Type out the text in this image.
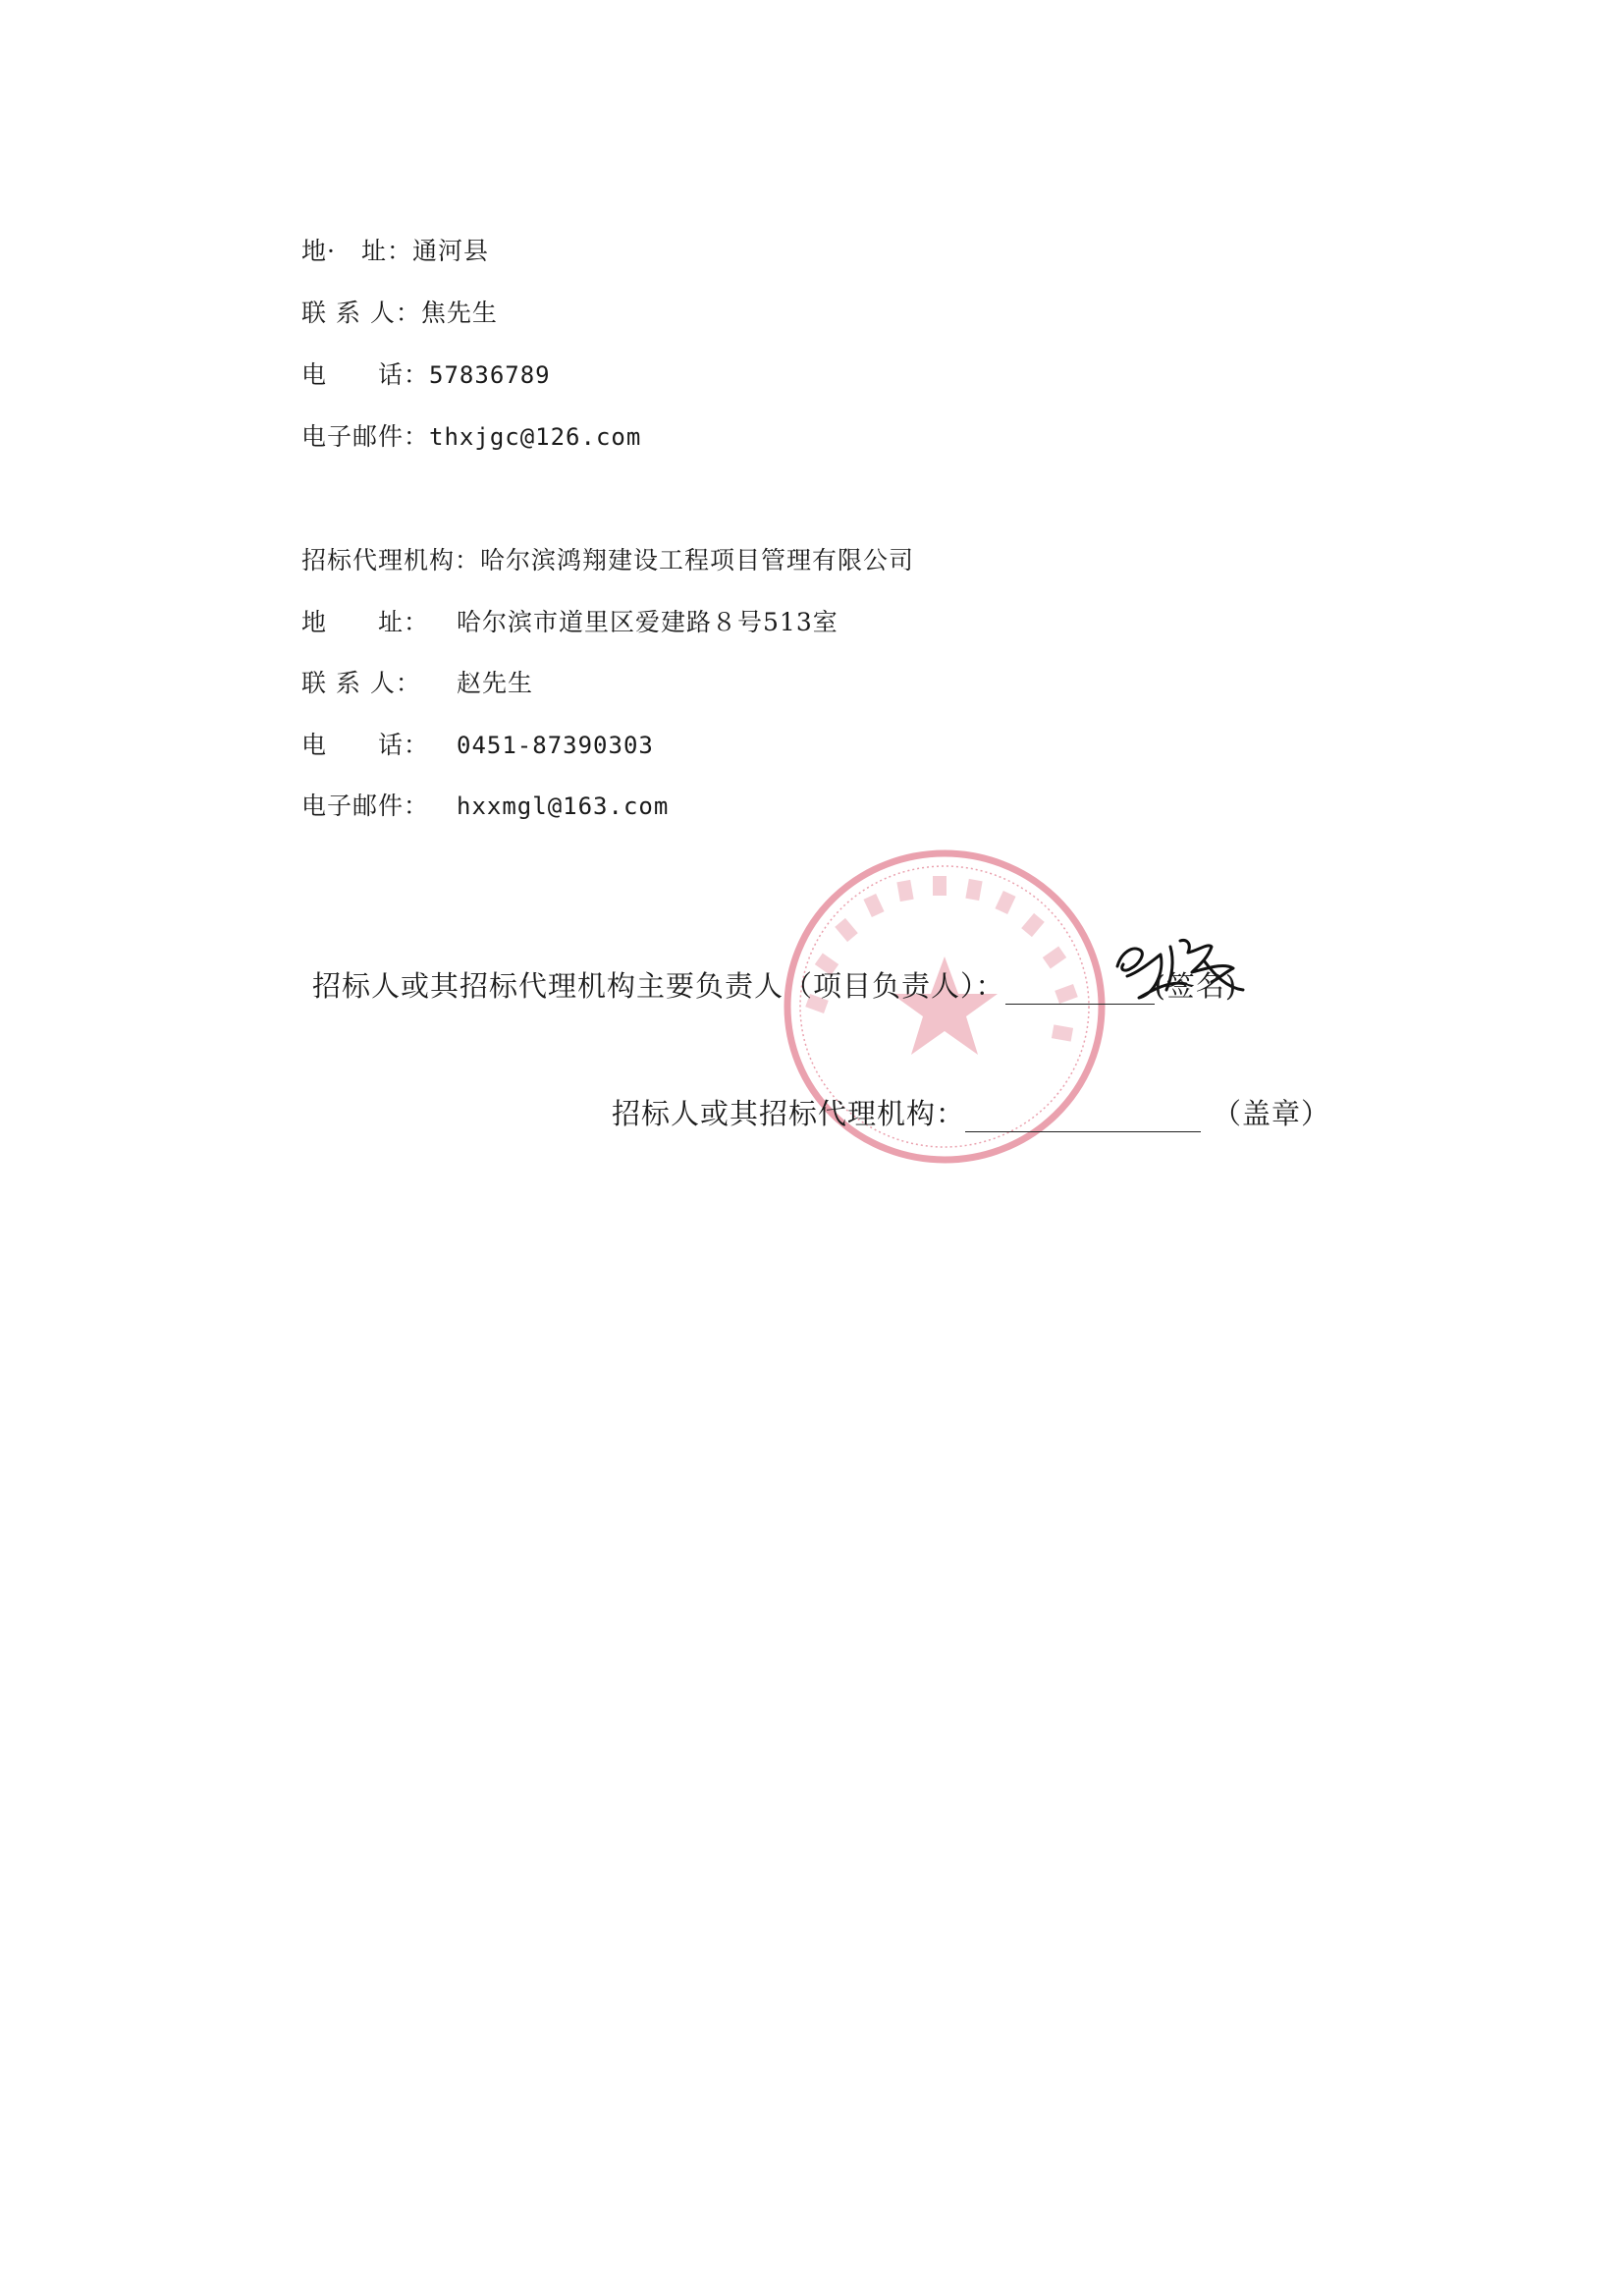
地·　址：通河县
联 系 人：焦先生
电　　话：57836789
电子邮件：thxjgc@126.com
招标代理机构：哈尔滨鸿翔建设工程项目管理有限公司
地　　址： 哈尔滨市道里区爱建路８号513室
联 系 人： 赵先生
电　　话： 0451-87390303
电子邮件： hxxmgl@163.com
招标人或其招标代理机构主要负责人（项目负责人）：	(签名)
招标人或其招标代理机构：	（盖章）
